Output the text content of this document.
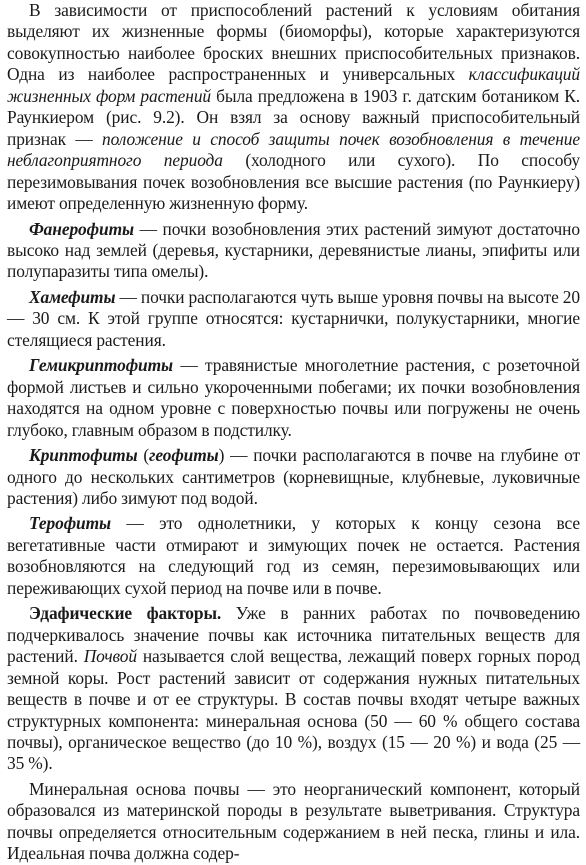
В зависимости от приспособлений растений к условиям обитания выделяют их жизненные формы (биоморфы), которые характеризуются совокупностью наиболее броских внешних приспособительных признаков. Одна из наиболее распространенных и универсальных классификаций жизненных форм растений была предложена в 1903 г. датским ботаником К. Раункиером (рис. 9.2). Он взял за основу важный приспособительный признак — положение и способ защиты почек возобновления в течение неблагоприятного периода (холодного или сухого). По способу перезимовывания почек возобновления все высшие растения (по Раункиеру) имеют определенную жизненную форму.

Фанерофиты — почки возобновления этих растений зимуют достаточно высоко над землей (деревья, кустарники, деревянистые лианы, эпифиты или полупаразиты типа омелы).

Хамефиты — почки располагаются чуть выше уровня почвы на высоте 20 — 30 см. К этой группе относятся: кустарнички, полукустарники, многие стелящиеся растения.

Гемикриптофиты — травянистые многолетние растения, с розеточной формой листьев и сильно укороченными побегами; их почки возобновления находятся на одном уровне с поверхностью почвы или погружены не очень глубоко, главным образом в подстилку.

Криптофиты (геофиты) — почки располагаются в почве на глубине от одного до нескольких сантиметров (корневищные, клубневые, луковичные растения) либо зимуют под водой.

Терофиты — это однолетники, у которых к концу сезона все вегетативные части отмирают и зимующих почек не остается. Растения возобновляются на следующий год из семян, перезимовывающих или переживающих сухой период на почве или в почве.

Эдафические факторы. Уже в ранних работах по почвоведению подчеркивалось значение почвы как источника питательных веществ для растений. Почвой называется слой вещества, лежащий поверх горных пород земной коры. Рост растений зависит от содержания нужных питательных веществ в почве и от ее структуры. В состав почвы входят четыре важных структурных компонента: минеральная основа (50 — 60 % общего состава почвы), органическое вещество (до 10 %), воздух (15 — 20 %) и вода (25 — 35 %).

Минеральная основа почвы — это неорганический компонент, который образовался из материнской породы в результате выветривания. Структура почвы определяется относительным содержанием в ней песка, глины и ила. Идеальная почва должна содер-
